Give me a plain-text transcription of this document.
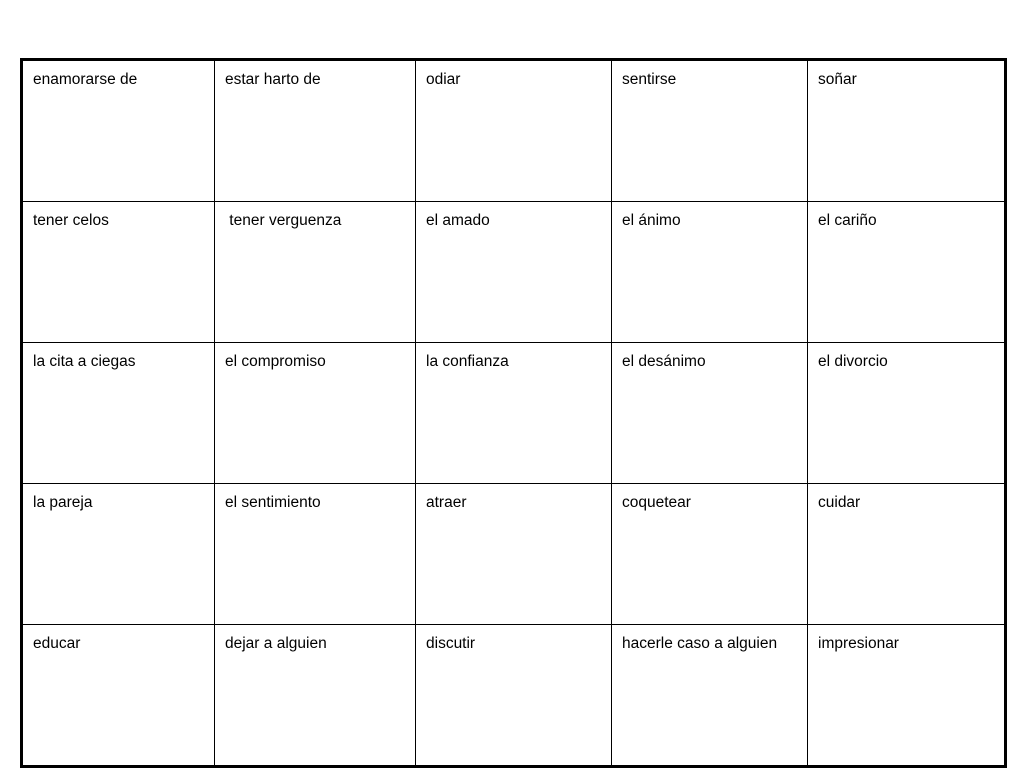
enamorarse de	estar harto de	odiar	sentirse	soñar
tener celos	tener verguenza	el amado	el ánimo	el cariño
la cita a ciegas	el compromiso	la confianza	el desánimo	el divorcio
la pareja	el sentimiento	atraer	coquetear	cuidar
educar	dejar a alguien	discutir	hacerle caso a alguien	impresionar
